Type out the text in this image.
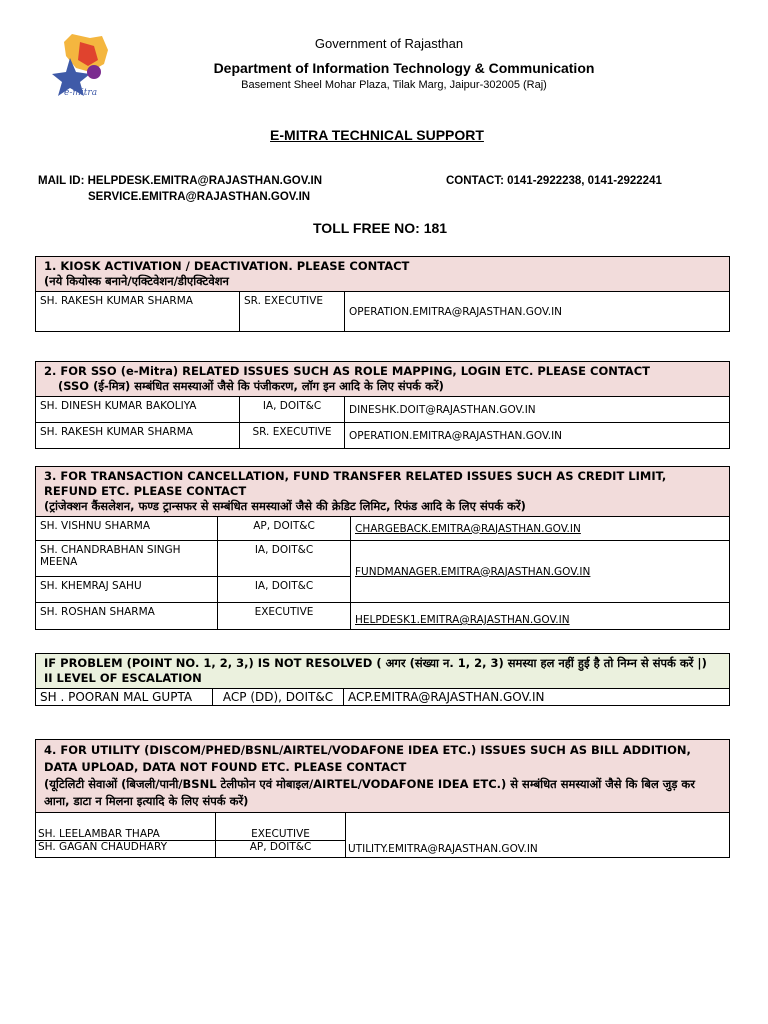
e-mitra
Government of Rajasthan
Department of Information Technology & Communication
Basement Sheel Mohar Plaza, Tilak Marg, Jaipur-302005 (Raj)
E-MITRA TECHNICAL SUPPORT
MAIL ID: HELPDESK.EMITRA@RAJASTHAN.GOV.IN
SERVICE.EMITRA@RAJASTHAN.GOV.IN
CONTACT: 0141-2922238, 0141-2922241
TOLL FREE NO: 181
1. KIOSK ACTIVATION / DEACTIVATION. PLEASE CONTACT
(नये कियोस्क बनाने/एक्टिवेशन/डीएक्टिवेशन

SH. RAKESH KUMAR SHARMA	SR. EXECUTIVE	OPERATION.EMITRA@RAJASTHAN.GOV.IN
2. FOR SSO (e-Mitra) RELATED ISSUES SUCH AS ROLE MAPPING, LOGIN ETC. PLEASE CONTACT
(SSO (ई-मित्र) सम्बंधित समस्याओं जैसे कि पंजीकरण, लॉग इन आदि के लिए संपर्क करें)		

SH. DINESH KUMAR BAKOLIYA	IA, DOIT&C	DINESHK.DOIT@RAJASTHAN.GOV.IN
SH. RAKESH KUMAR SHARMA	SR. EXECUTIVE	OPERATION.EMITRA@RAJASTHAN.GOV.IN
3. FOR TRANSACTION CANCELLATION, FUND TRANSFER RELATED ISSUES SUCH AS CREDIT LIMIT, REFUND ETC. PLEASE CONTACT
(ट्रांजेक्शन कैंसलेशन, फण्ड ट्रान्सफर से सम्बंधित समस्याओं जैसे की क्रेडिट लिमिट, रिफंड आदि के लिए संपर्क करें)		

SH. VISHNU SHARMA	AP, DOIT&C	CHARGEBACK.EMITRA@RAJASTHAN.GOV.IN
SH. CHANDRABHAN SINGH MEENA	IA, DOIT&C	FUNDMANAGER.EMITRA@RAJASTHAN.GOV.IN
SH. KHEMRAJ SAHU	IA, DOIT&C	
SH. ROSHAN SHARMA	EXECUTIVE	HELPDESK1.EMITRA@RAJASTHAN.GOV.IN
IF PROBLEM (POINT NO. 1, 2, 3,) IS NOT RESOLVED ( अगर (संख्या न. 1, 2, 3) समस्या हल नहीं हुई है तो निम्न से संपर्क करें |)
II LEVEL OF ESCALATION

SH . POORAN MAL GUPTA	ACP (DD), DOIT&C	ACP.EMITRA@RAJASTHAN.GOV.IN
4. FOR UTILITY (DISCOM/PHED/BSNL/AIRTEL/VODAFONE IDEA ETC.) ISSUES SUCH AS BILL ADDITION, DATA UPLOAD, DATA NOT FOUND ETC. PLEASE CONTACT
(यूटिलिटी सेवाओं (बिजली/पानी/BSNL टेलीफोन एवं मोबाइल/AIRTEL/VODAFONE IDEA ETC.) से सम्बंधित समस्याओं जैसे कि बिल जुड़ कर आना, डाटा न मिलना इत्यादि के लिए संपर्क करें)		

SH. LEELAMBAR THAPA	EXECUTIVE	UTILITY.EMITRA@RAJASTHAN.GOV.IN
SH. GAGAN CHAUDHARY	AP, DOIT&C	
